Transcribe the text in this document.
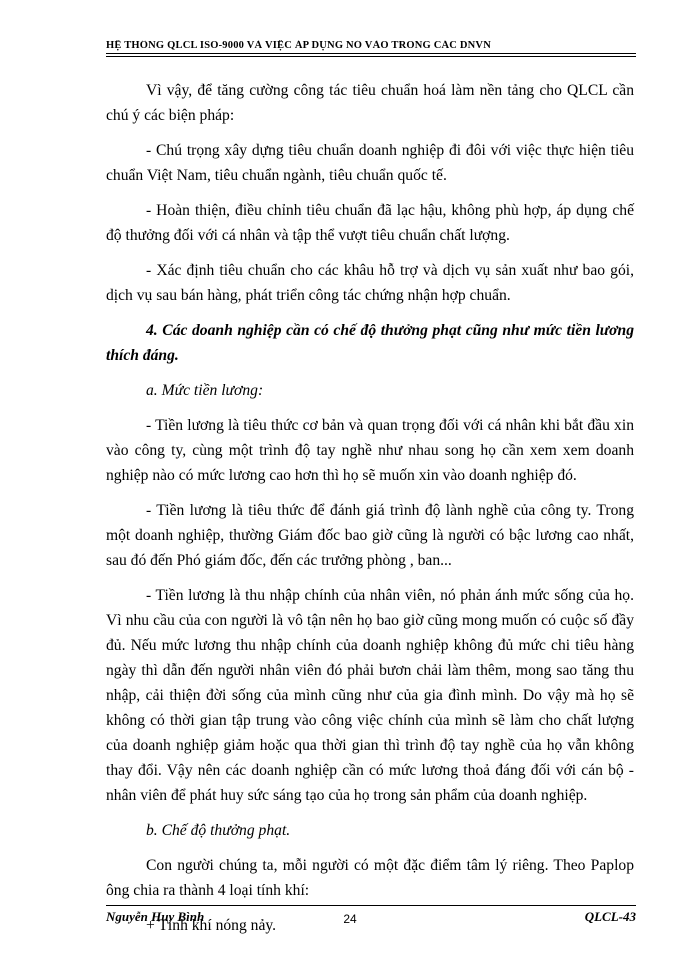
HỆ THỐNG QLCL ISO-9000 VÀ VIỆC ÁP DỤNG NÓ VÀO TRONG CÁC DNVN

Vì vậy, để tăng cường công tác tiêu chuẩn hoá làm nền tảng cho QLCL cần chú ý các biện pháp:

- Chú trọng xây dựng tiêu chuẩn doanh nghiệp đi đôi với việc thực hiện tiêu chuẩn Việt Nam, tiêu chuẩn ngành, tiêu chuẩn quốc tế.

- Hoàn thiện, điều chỉnh tiêu chuẩn đã lạc hậu, không phù hợp, áp dụng chế độ thưởng đối với cá nhân và tập thể vượt tiêu chuẩn chất lượng.

- Xác định tiêu chuẩn cho các khâu hỗ trợ và dịch vụ sản xuất như bao gói, dịch vụ sau bán hàng, phát triển công tác chứng nhận hợp chuẩn.

4. Các doanh nghiệp cần có chế độ thưởng phạt cũng như mức tiền lương thích đáng.

a. Mức tiền lương:

- Tiền lương là tiêu thức cơ bản và quan trọng đối với cá nhân khi bắt đầu xin vào công ty, cùng một trình độ tay nghề như nhau song họ cần xem xem doanh nghiệp nào có mức lương cao hơn thì họ sẽ muốn xin vào doanh nghiệp đó.

- Tiền lương là tiêu thức để đánh giá trình độ lành nghề của công ty. Trong một doanh nghiệp, thường Giám đốc bao giờ cũng là người có bậc lương cao nhất, sau đó đến Phó giám đốc, đến các trưởng phòng , ban...

- Tiền lương là thu nhập chính của nhân viên, nó phản ánh mức sống của họ. Vì nhu cầu của con người là vô tận nên họ bao giờ cũng mong muốn có cuộc số đầy đủ. Nếu mức lương thu nhập chính của doanh nghiệp không đủ mức chi tiêu hàng ngày thì dẫn đến người nhân viên đó phải bươn chải làm thêm, mong sao tăng thu nhập, cải thiện đời sống của mình cũng như của gia đình mình. Do vậy mà họ sẽ không có thời gian tập trung vào công việc chính của mình sẽ làm cho chất lượng của doanh nghiệp giảm hoặc qua thời gian thì trình độ tay nghề của họ vẫn không thay đổi. Vậy nên các doanh nghiệp cần có mức lương thoả đáng đối với cán bộ - nhân viên để phát huy sức sáng tạo của họ trong sản phẩm của doanh nghiệp.

b. Chế độ thưởng phạt.

Con người chúng ta, mỗi người có một đặc điểm tâm lý riêng. Theo Paplop ông chia ra thành 4 loại tính khí:

+ Tính khí nóng nảy.

Nguyễn Huy Bình	24	QLCL-43
